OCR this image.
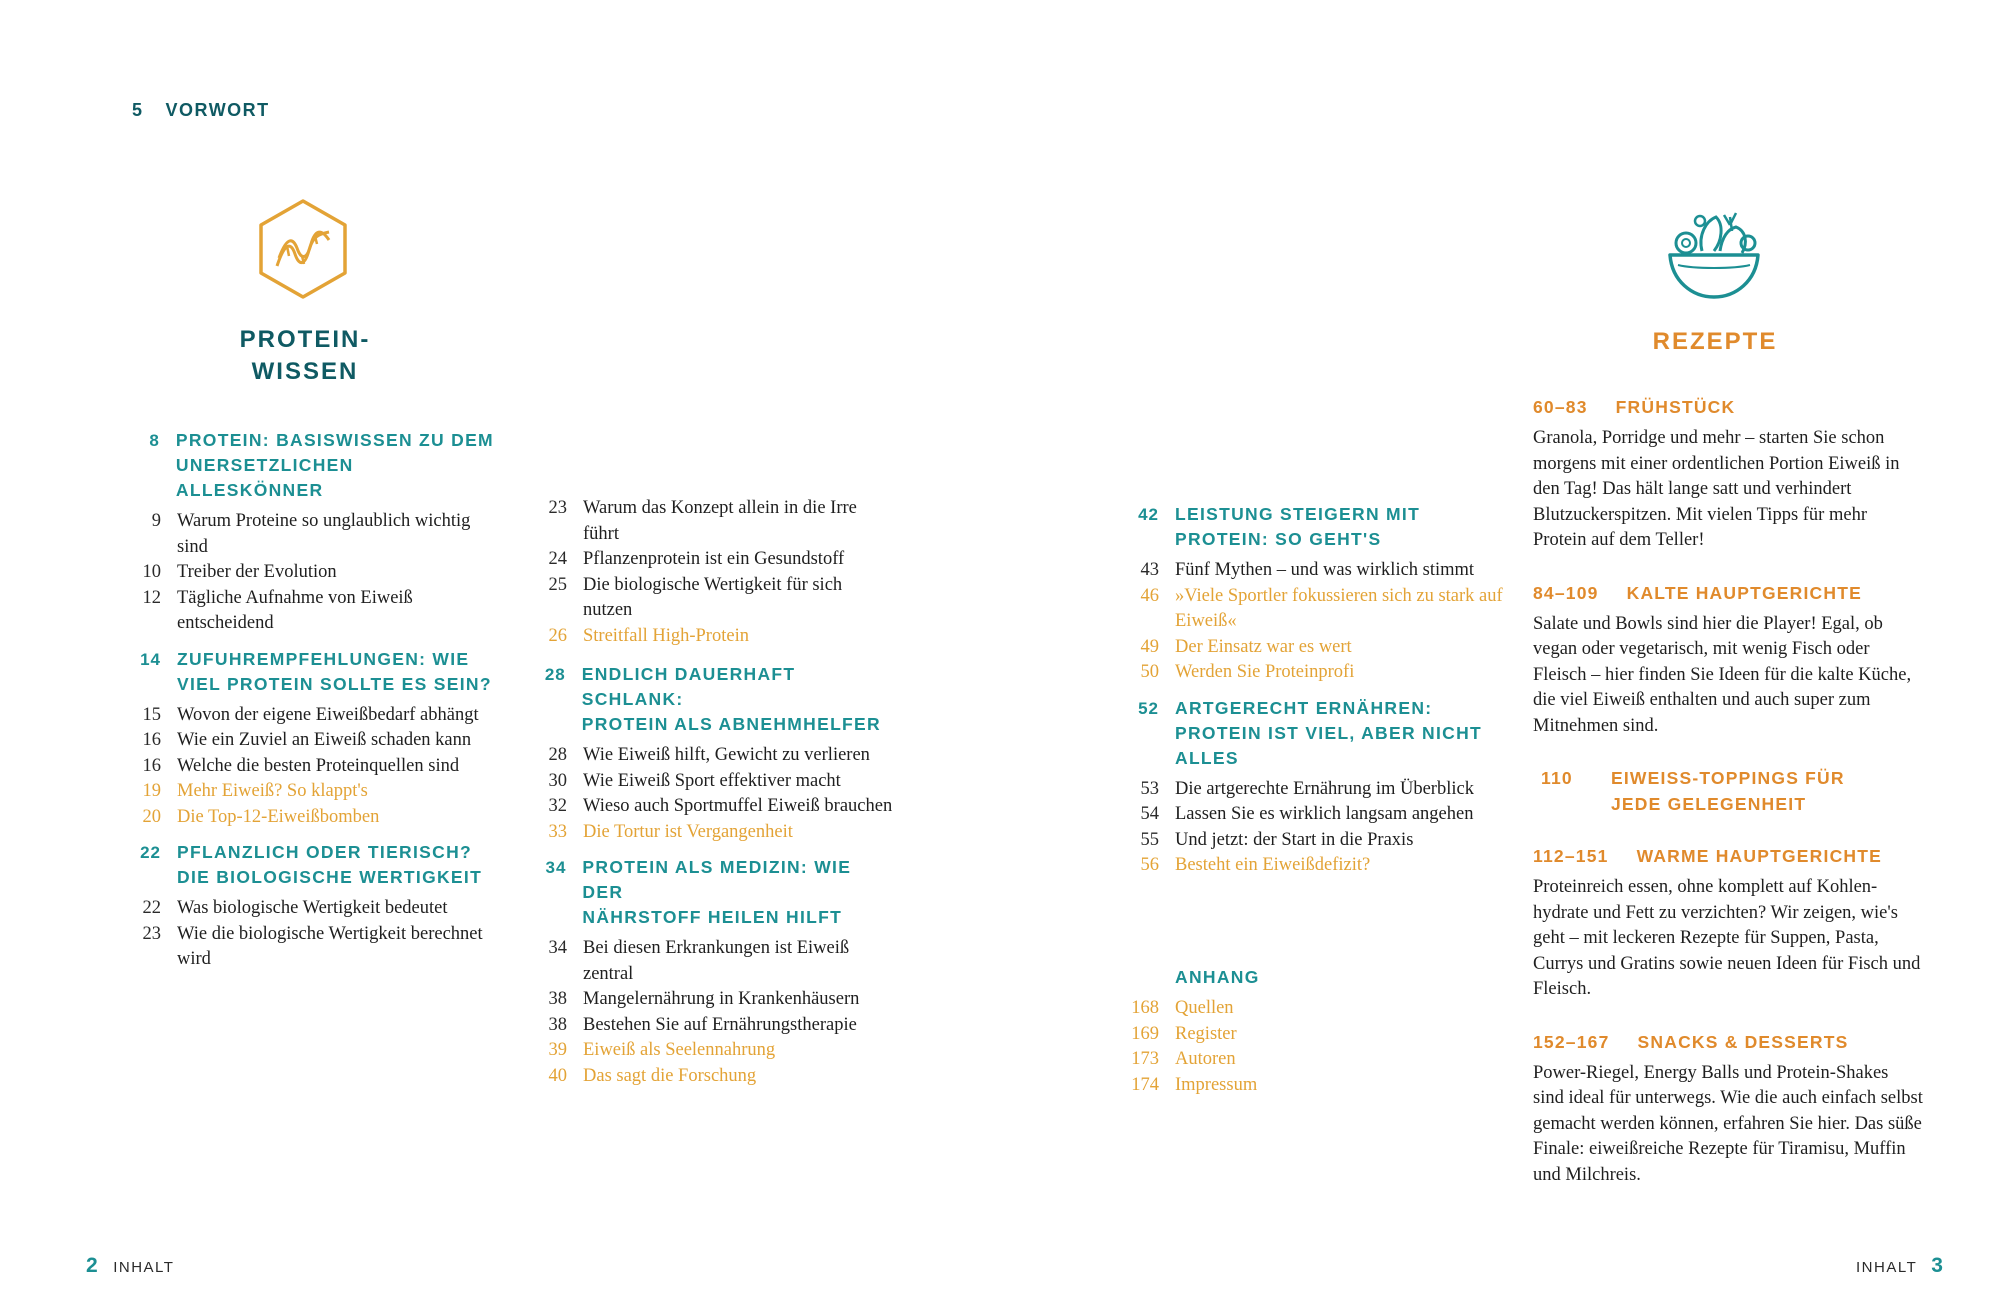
5 VORWORT
PROTEIN-
WISSEN
8 PROTEIN: BASISWISSEN ZU DEM
UNERSETZLICHEN ALLESKÖNNER
9 Warum Proteine so unglaublich wichtig sind
10 Treiber der Evolution
12 Tägliche Aufnahme von Eiweiß entscheidend
14 ZUFUHREMPFEHLUNGEN: WIE
VIEL PROTEIN SOLLTE ES SEIN?
15 Wovon der eigene Eiweißbedarf abhängt
16 Wie ein Zuviel an Eiweiß schaden kann
16 Welche die besten Proteinquellen sind
19 Mehr Eiweiß? So klappt's
20 Die Top-12-Eiweißbomben
22 PFLANZLICH ODER TIERISCH?
DIE BIOLOGISCHE WERTIGKEIT
22 Was biologische Wertigkeit bedeutet
23 Wie die biologische Wertigkeit berechnet wird
23 Warum das Konzept allein in die Irre führt
24 Pflanzenprotein ist ein Gesundstoff
25 Die biologische Wertigkeit für sich nutzen
26 Streitfall High-Protein
28 ENDLICH DAUERHAFT SCHLANK:
PROTEIN ALS ABNEHMHELFER
28 Wie Eiweiß hilft, Gewicht zu verlieren
30 Wie Eiweiß Sport effektiver macht
32 Wieso auch Sportmuffel Eiweiß brauchen
33 Die Tortur ist Vergangenheit
34 PROTEIN ALS MEDIZIN: WIE DER
NÄHRSTOFF HEILEN HILFT
34 Bei diesen Erkrankungen ist Eiweiß zentral
38 Mangelernährung in Krankenhäusern
38 Bestehen Sie auf Ernährungstherapie
39 Eiweiß als Seelennahrung
40 Das sagt die Forschung
42 LEISTUNG STEIGERN MIT
PROTEIN: SO GEHT'S
43 Fünf Mythen – und was wirklich stimmt
46 »Viele Sportler fokussieren sich zu stark auf Eiweiß«
49 Der Einsatz war es wert
50 Werden Sie Proteinprofi
52 ARTGERECHT ERNÄHREN:
PROTEIN IST VIEL, ABER NICHT
ALLES
53 Die artgerechte Ernährung im Überblick
54 Lassen Sie es wirklich langsam angehen
55 Und jetzt: der Start in die Praxis
56 Besteht ein Eiweißdefizit?
ANHANG
168 Quellen
169 Register
173 Autoren
174 Impressum
REZEPTE
60–83 FRÜHSTÜCK
Granola, Porridge und mehr – starten Sie schon morgens mit einer ordentlichen Portion Eiweiß in den Tag! Das hält lange satt und verhindert Blutzuckerspitzen. Mit vielen Tipps für mehr Protein auf dem Teller!
84–109 KALTE HAUPTGERICHTE
Salate und Bowls sind hier die Player! Egal, ob vegan oder vegetarisch, mit wenig Fisch oder Fleisch – hier finden Sie Ideen für die kalte Küche, die viel Eiweiß enthalten und auch super zum Mitnehmen sind.
110	EIWEISS-TOPPINGS FÜR JEDE GELEGENHEIT
112–151 WARME HAUPTGERICHTE
Proteinreich essen, ohne komplett auf Kohlen-hydrate und Fett zu verzichten? Wir zeigen, wie's geht – mit leckeren Rezepte für Suppen, Pasta, Currys und Gratins sowie neuen Ideen für Fisch und Fleisch.
152–167 SNACKS & DESSERTS
Power-Riegel, Energy Balls und Protein-Shakes sind ideal für unterwegs. Wie die auch einfach selbst gemacht werden können, erfahren Sie hier. Das süße Finale: eiweißreiche Rezepte für Tiramisu, Muffin und Milchreis.
2 INHALT	INHALT 3
